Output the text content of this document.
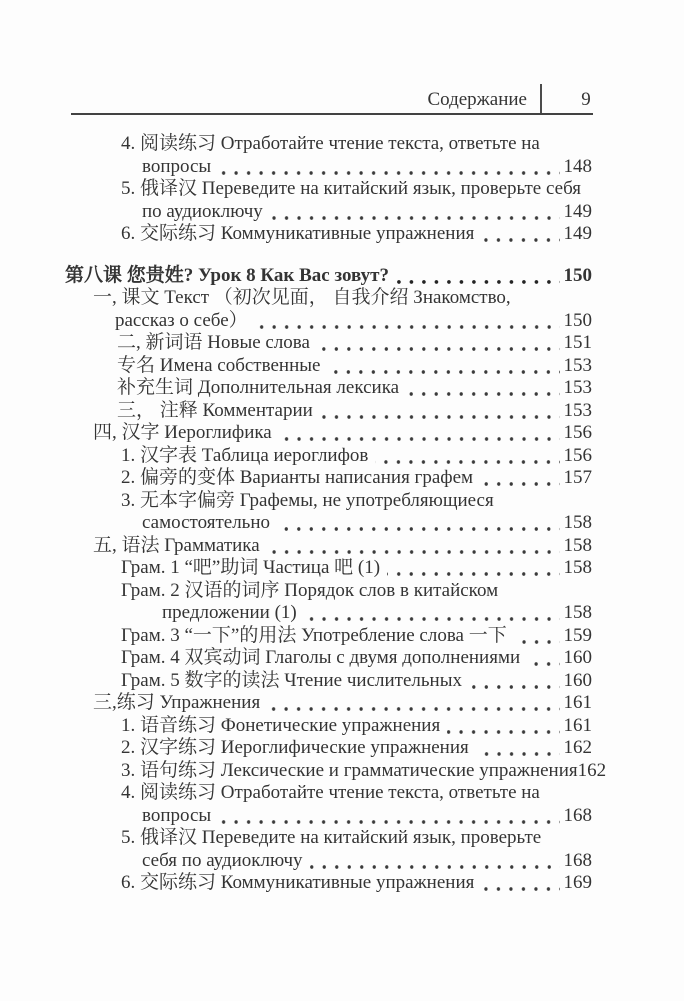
Содержание	9
4. 阅读练习 Отработайте чтение текста, ответьте на
вопросы	148
5. 俄译汉 Переведите на китайский язык, проверьте себя
по аудиоключу	149
6. 交际练习 Коммуникативные упражнения	149
第八课 您贵姓? Урок 8 Как Вас зовут?	150
一, 课文 Текст （初次见面， 自我介绍 Знакомство,
рассказ о себе）	150
二, 新词语 Новые слова	151
专名 Имена собственные	153
补充生词 Дополнительная лексика	153
三， 注释 Комментарии	153
四, 汉字 Иероглифика	156
1. 汉字表 Таблица иероглифов	156
2. 偏旁的变体 Варианты написания графем	157
3. 无本字偏旁 Графемы, не употребляющиеся
самостоятельно	158
五, 语法 Грамматика	158
Грам. 1 “吧”助词 Частица 吧 (1)	158
Грам. 2 汉语的词序 Порядок слов в китайском
предложении (1)	158
Грам. 3 “一下”的用法 Употребление слова 一下	159
Грам. 4 双宾动词 Глаголы с двумя дополнениями 160
Грам. 5 数字的读法 Чтение числительных	160
三,练习 Упражнения	161
1. 语音练习 Фонетические упражнения	161
2. 汉字练习 Иероглифические упражнения	162
3. 语句练习 Лексические и грамматические упражнения 162
4. 阅读练习 Отработайте чтение текста, ответьте на
вопросы	168
5. 俄译汉 Переведите на китайский язык, проверьте
себя по аудиоключу	168
6. 交际练习 Коммуникативные упражнения	169
